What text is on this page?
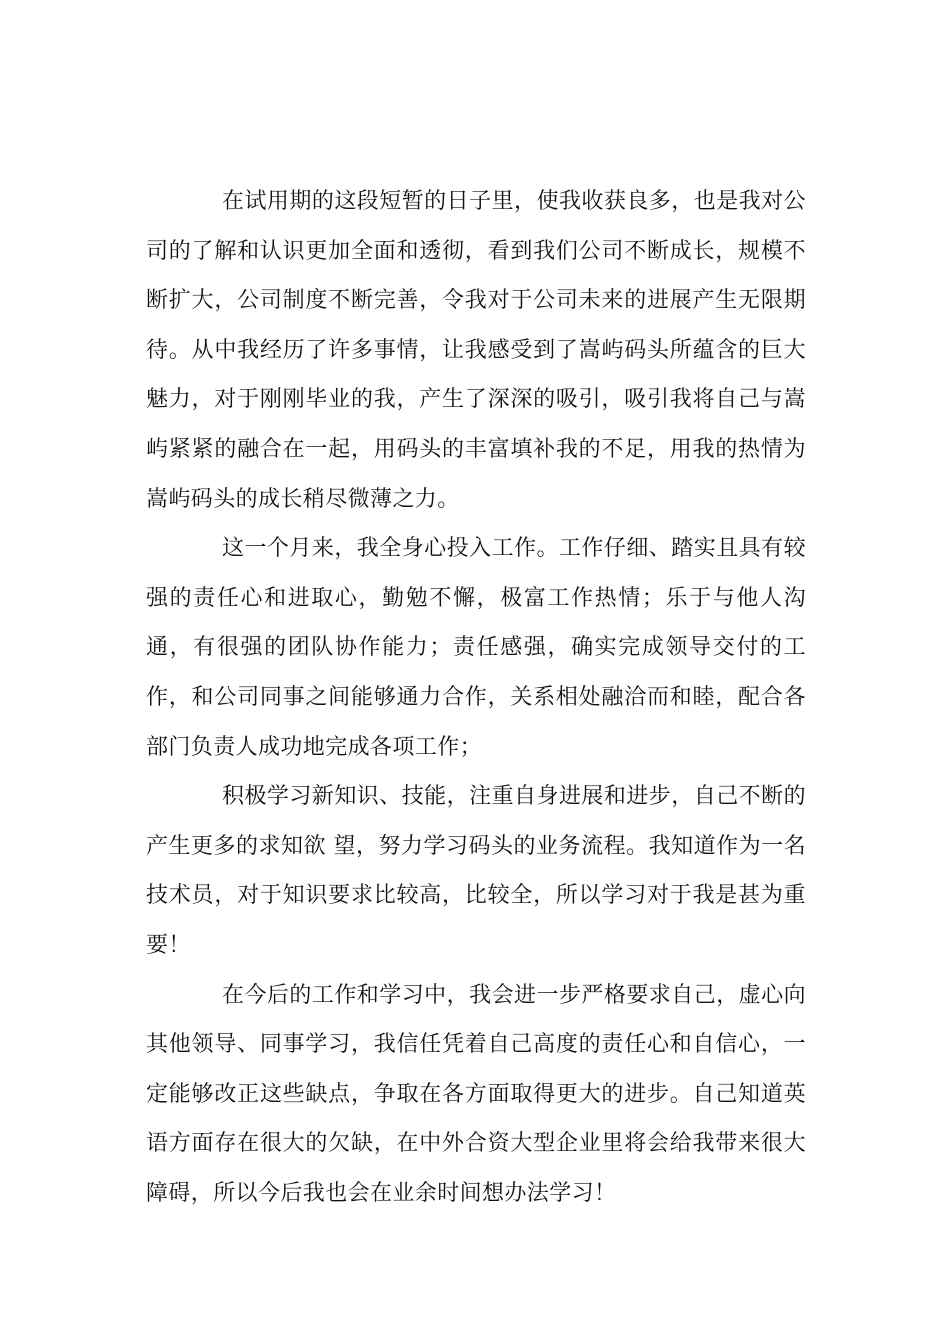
在试用期的这段短暂的日子里，使我收获良多，也是我对公司的了解和认识更加全面和透彻，看到我们公司不断成长，规模不断扩大，公司制度不断完善，令我对于公司未来的进展产生无限期待。从中我经历了许多事情，让我感受到了嵩屿码头所蕴含的巨大魅力，对于刚刚毕业的我，产生了深深的吸引，吸引我将自己与嵩屿紧紧的融合在一起，用码头的丰富填补我的不足，用我的热情为嵩屿码头的成长稍尽微薄之力。

这一个月来，我全身心投入工作。工作仔细、踏实且具有较强的责任心和进取心，勤勉不懈，极富工作热情；乐于与他人沟通，有很强的团队协作能力；责任感强，确实完成领导交付的工作，和公司同事之间能够通力合作，关系相处融洽而和睦，配合各部门负责人成功地完成各项工作；

积极学习新知识、技能，注重自身进展和进步，自己不断的产生更多的求知欲 望，努力学习码头的业务流程。我知道作为一名技术员，对于知识要求比较高，比较全，所以学习对于我是甚为重要！

在今后的工作和学习中，我会进一步严格要求自己，虚心向其他领导、同事学习，我信任凭着自己高度的责任心和自信心，一定能够改正这些缺点，争取在各方面取得更大的进步。自己知道英语方面存在很大的欠缺，在中外合资大型企业里将会给我带来很大障碍，所以今后我也会在业余时间想办法学习！
